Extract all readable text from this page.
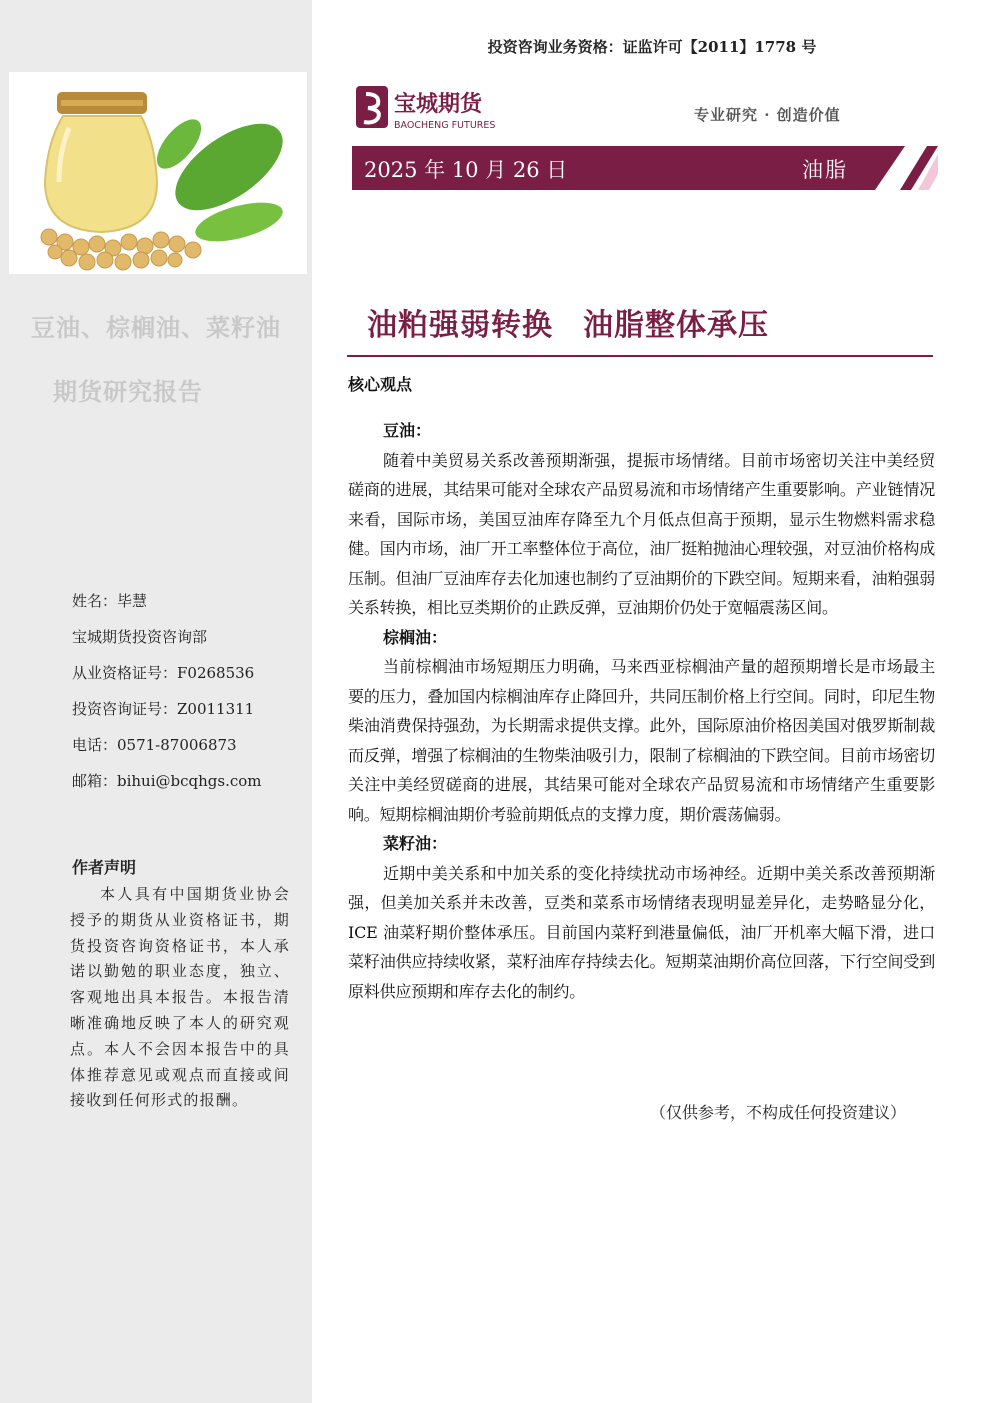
豆油、棕榈油、菜籽油
期货研究报告
姓名：毕慧
宝城期货投资咨询部
从业资格证号：F0268536
投资咨询证号：Z0011311
电话：0571-87006873
邮箱：bihui@bcqhgs.com
作者声明
本人具有中国期货业协会授予的期货从业资格证书，期货投资咨询资格证书，本人承诺以勤勉的职业态度，独立、客观地出具本报告。本报告清晰准确地反映了本人的研究观点。本人不会因本报告中的具体推荐意见或观点而直接或间接收到任何形式的报酬。
投资咨询业务资格：证监许可【2011】1778 号
宝城期货
BAOCHENG FUTURES
专业研究 · 创造价值
2025 年 10 月 26 日	油脂
油粕强弱转换 油脂整体承压
核心观点
豆油：

随着中美贸易关系改善预期渐强，提振市场情绪。目前市场密切关注中美经贸磋商的进展，其结果可能对全球农产品贸易流和市场情绪产生重要影响。产业链情况来看，国际市场，美国豆油库存降至九个月低点但高于预期，显示生物燃料需求稳健。国内市场，油厂开工率整体位于高位，油厂挺粕抛油心理较强，对豆油价格构成压制。但油厂豆油库存去化加速也制约了豆油期价的下跌空间。短期来看，油粕强弱关系转换，相比豆类期价的止跌反弹，豆油期价仍处于宽幅震荡区间。

棕榈油：

当前棕榈油市场短期压力明确，马来西亚棕榈油产量的超预期增长是市场最主要的压力，叠加国内棕榈油库存止降回升，共同压制价格上行空间。同时，印尼生物柴油消费保持强劲，为长期需求提供支撑。此外，国际原油价格因美国对俄罗斯制裁而反弹，增强了棕榈油的生物柴油吸引力，限制了棕榈油的下跌空间。目前市场密切关注中美经贸磋商的进展，其结果可能对全球农产品贸易流和市场情绪产生重要影响。短期棕榈油期价考验前期低点的支撑力度，期价震荡偏弱。

菜籽油：

近期中美关系和中加关系的变化持续扰动市场神经。近期中美关系改善预期渐强，但美加关系并未改善，豆类和菜系市场情绪表现明显差异化，走势略显分化，ICE 油菜籽期价整体承压。目前国内菜籽到港量偏低，油厂开机率大幅下滑，进口菜籽油供应持续收紧，菜籽油库存持续去化。短期菜油期价高位回落，下行空间受到原料供应预期和库存去化的制约。

（仅供参考，不构成任何投资建议）
